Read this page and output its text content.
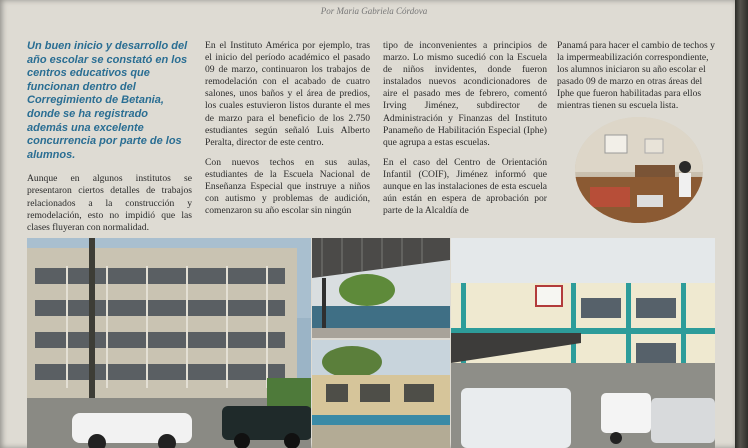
Por Maria Gabriela Córdova

Un buen inicio y desarrollo del año escolar se constató en los centros educativos que funcionan dentro del Corregimiento de Betania, donde se ha registrado además una excelente concurrencia por parte de los alumnos.

Aunque en algunos institutos se presentaron ciertos detalles de trabajos relacionados a la construcción y remodelación, esto no impidió que las clases fluyeran con normalidad.

En el Instituto América por ejemplo, tras el inicio del período académico el pasado 09 de marzo, continuaron los trabajos de remodelación con el acabado de cuatro salones, unos baños y el área de predios, los cuales estuvieron listos durante el mes de marzo para el beneficio de los 2.750 estudiantes según señaló Luis Alberto Peralta, director de este centro.

Con nuevos techos en sus aulas, estudiantes de la Escuela Nacional de Enseñanza Especial que instruye a niños con autismo y problemas de audición, comenzaron su año escolar sin ningún

tipo de inconvenientes a principios de marzo. Lo mismo sucedió con la Escuela de niños invidentes, donde fueron instalados nuevos acondicionadores de aire el pasado mes de febrero, comentó Irving Jiménez, subdirector de Administración y Finanzas del Instituto Panameño de Habilitación Especial (Iphe) que agrupa a estas escuelas.

En el caso del Centro de Orientación Infantil (COIF), Jiménez informó que aunque en las instalaciones de esta escuela aún están en espera de aprobación por parte de la Alcaldía de

Panamá para hacer el cambio de techos y la impermeabilización correspondiente, los alumnos iniciaron su año escolar el pasado 09 de marzo en otras áreas del Iphe que fueron habilitadas para ellos mientras tienen su escuela lista.
